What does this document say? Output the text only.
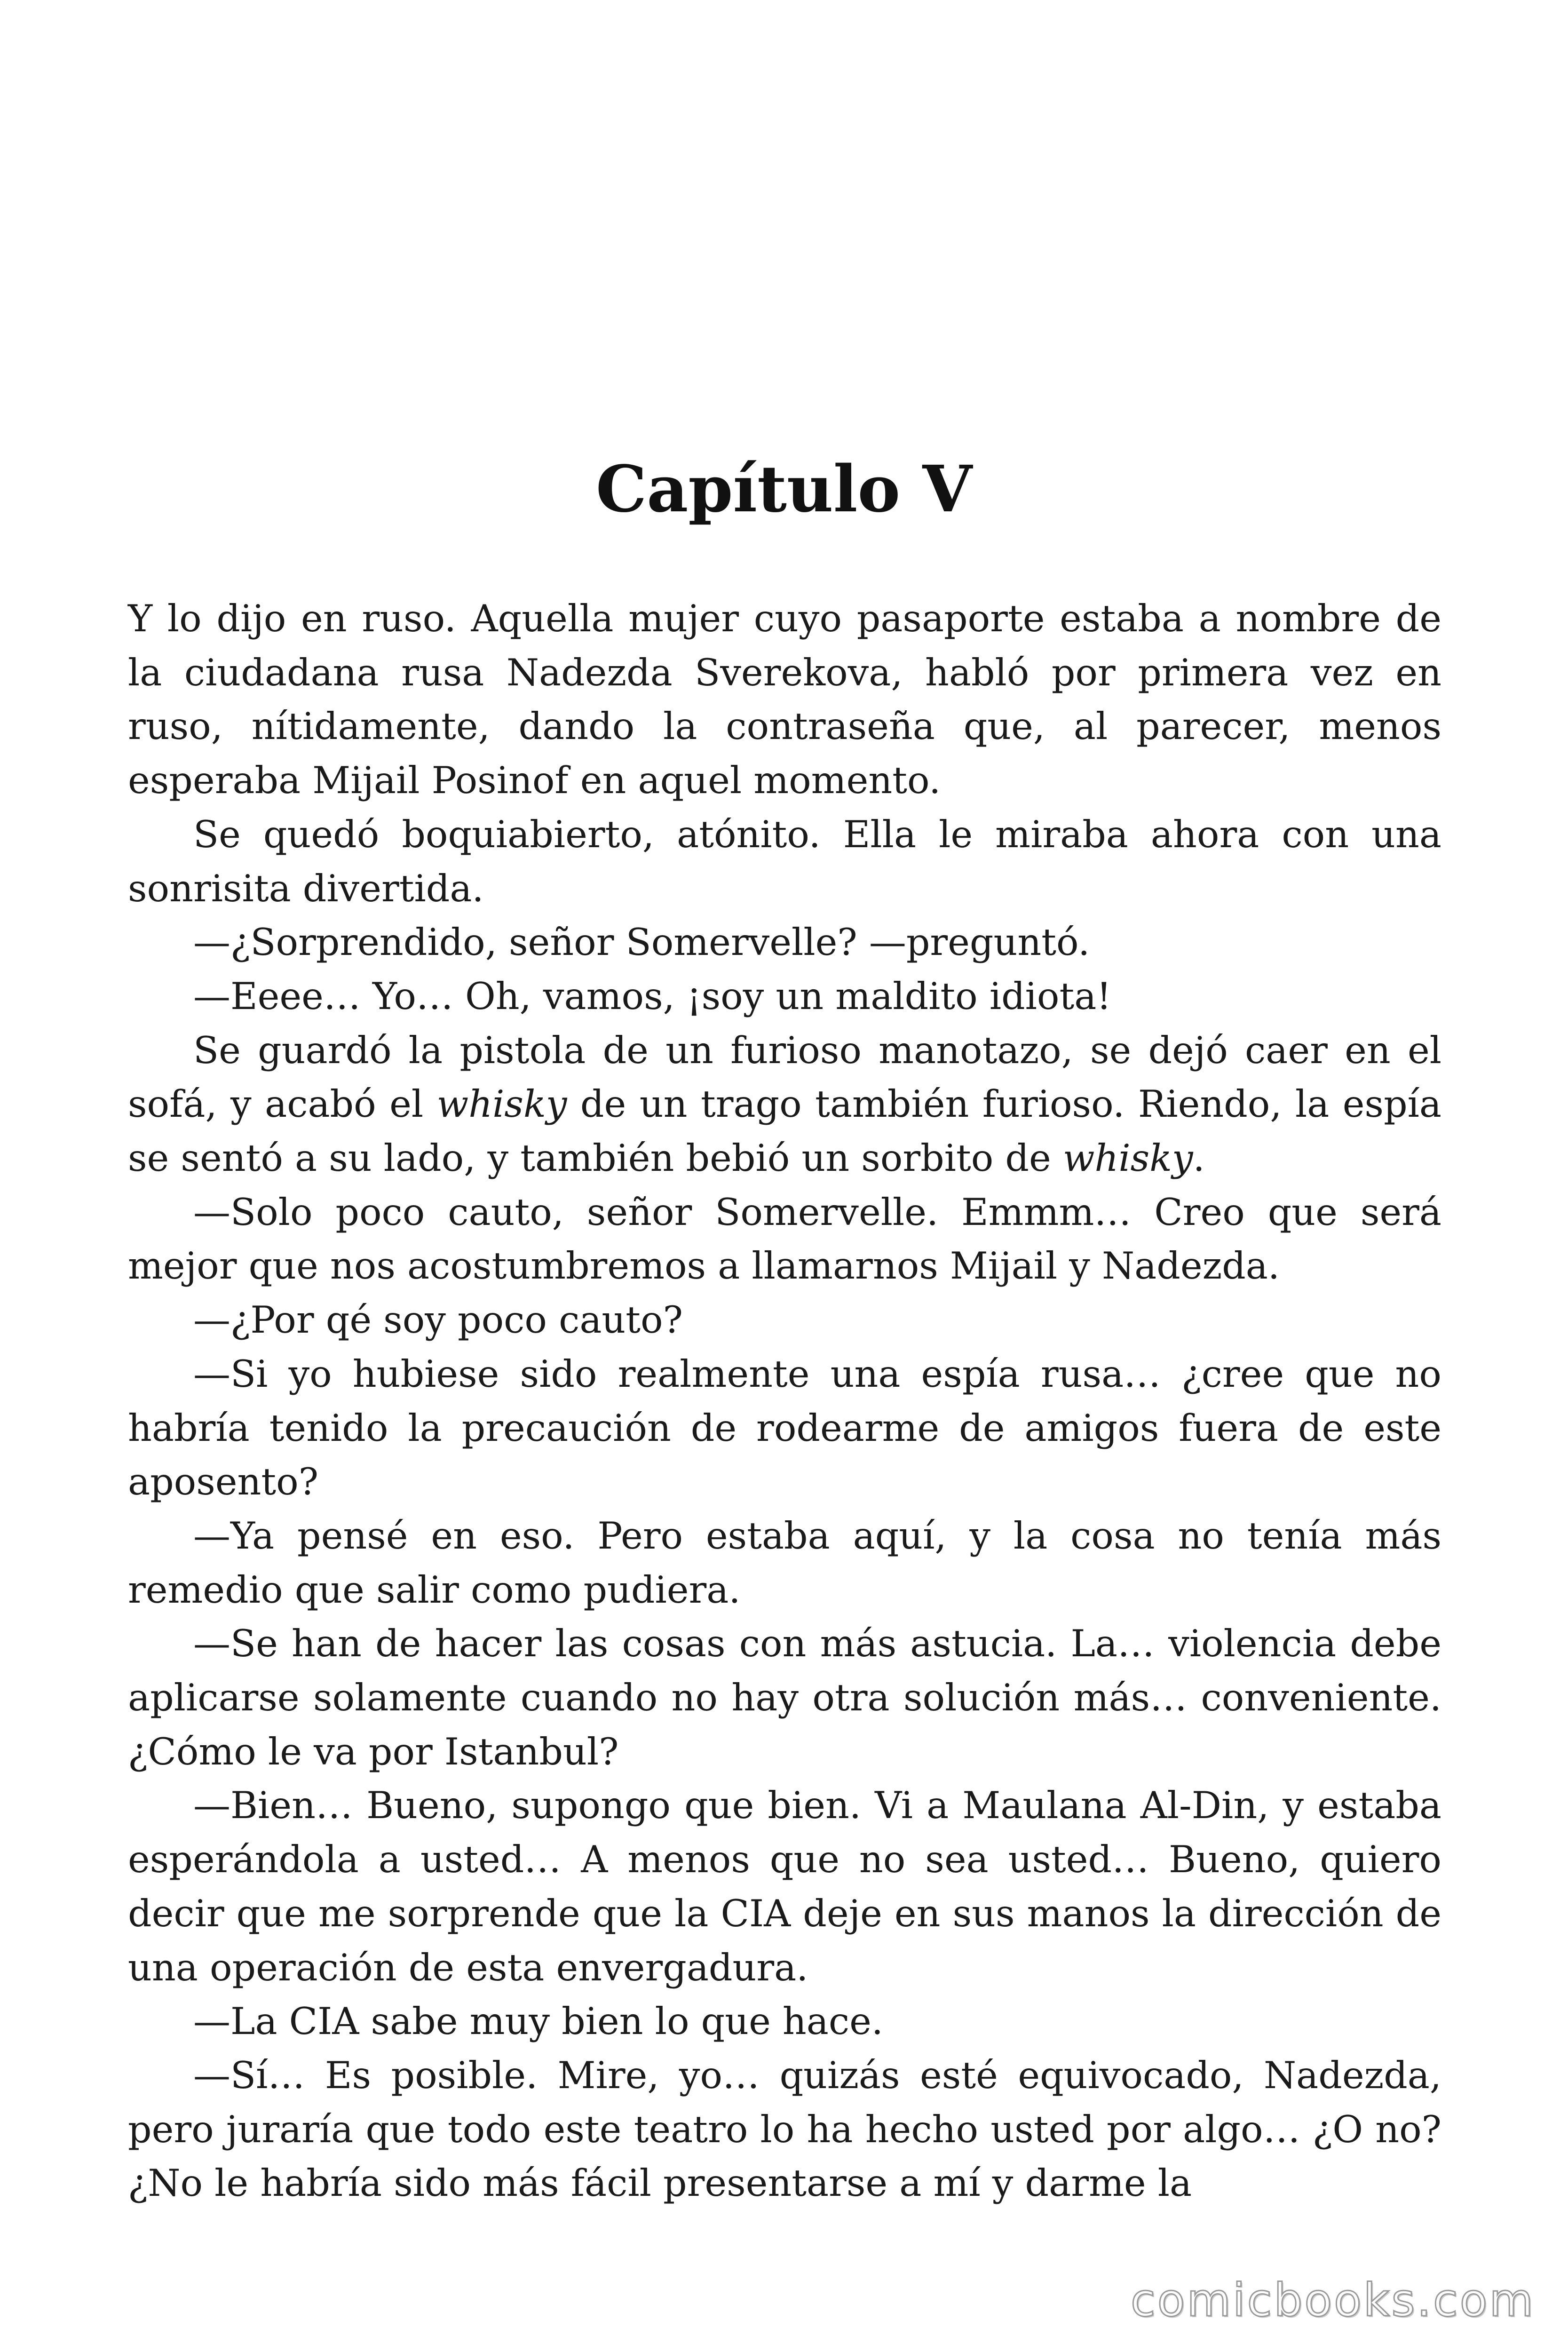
Capítulo V

Y lo dijo en ruso. Aquella mujer cuyo pasaporte estaba a nombre de la ciudadana rusa Nadezda Sverekova, habló por primera vez en ruso, nítidamente, dando la contraseña que, al parecer, menos esperaba Mijail Posinof en aquel momento.

Se quedó boquiabierto, atónito. Ella le miraba ahora con una sonrisita divertida.

—¿Sorprendido, señor Somervelle? —preguntó.

—Eeee… Yo… Oh, vamos, ¡soy un maldito idiota!

Se guardó la pistola de un furioso manotazo, se dejó caer en el sofá, y acabó el whisky de un trago también furioso. Riendo, la espía se sentó a su lado, y también bebió un sorbito de whisky.

—Solo poco cauto, señor Somervelle. Emmm… Creo que será mejor que nos acostumbremos a llamarnos Mijail y Nadezda.

—¿Por qé soy poco cauto?

—Si yo hubiese sido realmente una espía rusa… ¿cree que no habría tenido la precaución de rodearme de amigos fuera de este aposento?

—Ya pensé en eso. Pero estaba aquí, y la cosa no tenía más remedio que salir como pudiera.

—Se han de hacer las cosas con más astucia. La… violencia debe aplicarse solamente cuando no hay otra solución más… conveniente. ¿Cómo le va por Istanbul?

—Bien… Bueno, supongo que bien. Vi a Maulana Al-Din, y estaba esperándola a usted… A menos que no sea usted… Bueno, quiero decir que me sorprende que la CIA deje en sus manos la dirección de una operación de esta envergadura.

—La CIA sabe muy bien lo que hace.

—Sí… Es posible. Mire, yo… quizás esté equivocado, Nadezda, pero juraría que todo este teatro lo ha hecho usted por algo… ¿O no? ¿No le habría sido más fácil presentarse a mí y darme la

comicbooks.com
